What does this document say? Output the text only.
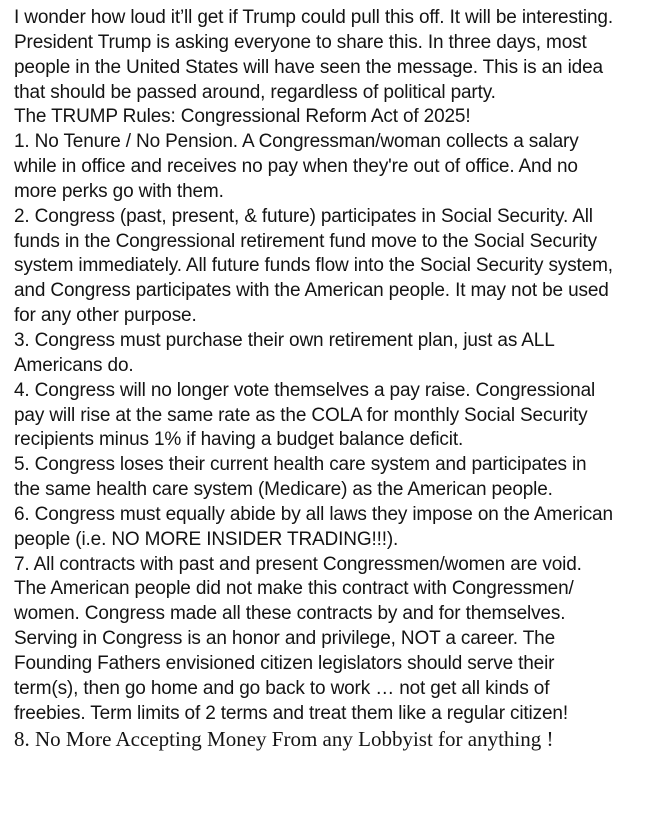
I wonder how loud it’ll get if Trump could pull this off. It will be interesting.
President Trump is asking everyone to share this. In three days, most
people in the United States will have seen the message. This is an idea
that should be passed around, regardless of political party.
The TRUMP Rules: Congressional Reform Act of 2025!
1. No Tenure / No Pension. A Congressman/woman collects a salary
while in office and receives no pay when they're out of office. And no
more perks go with them.
2. Congress (past, present, & future) participates in Social Security. All
funds in the Congressional retirement fund move to the Social Security
system immediately. All future funds flow into the Social Security system,
and Congress participates with the American people. It may not be used
for any other purpose.
3. Congress must purchase their own retirement plan, just as ALL
Americans do.
4. Congress will no longer vote themselves a pay raise. Congressional
pay will rise at the same rate as the COLA for monthly Social Security
recipients minus 1% if having a budget balance deficit.
5. Congress loses their current health care system and participates in
the same health care system (Medicare) as the American people.
6. Congress must equally abide by all laws they impose on the American
people (i.e. NO MORE INSIDER TRADING!!!).
7. All contracts with past and present Congressmen/women are void.
The American people did not make this contract with Congressmen/
women. Congress made all these contracts by and for themselves.
Serving in Congress is an honor and privilege, NOT a career. The
Founding Fathers envisioned citizen legislators should serve their
term(s), then go home and go back to work … not get all kinds of
freebies. Term limits of 2 terms and treat them like a regular citizen!
8. No More Accepting Money From any Lobbyist for anything !
